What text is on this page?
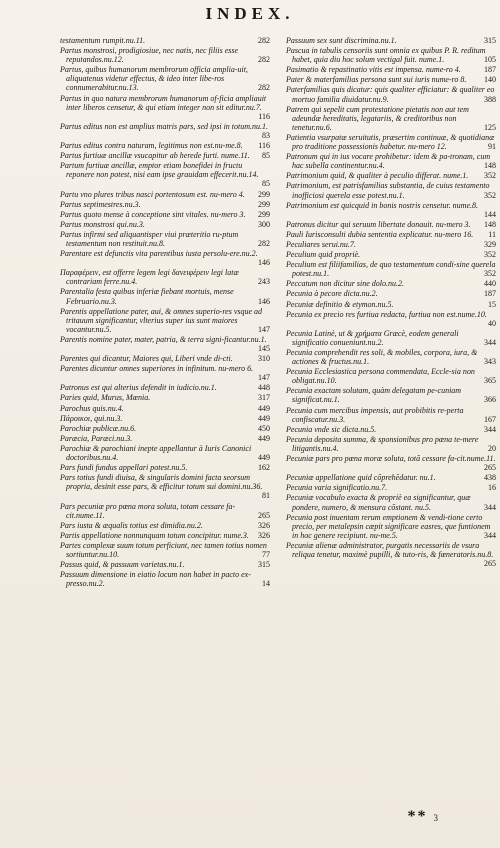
INDEX.
testamentum rumpit.nu.11.	282
Partus monstrosi, prodigiosiue, nec natis, nec filiis esse reputandos.nu.12.	282
Partus, quibus humanorum membrorum officia amplia-uit, aliquatenus videtur effectus, & ideo inter libe-ros connumerabitur.nu.13.	282
Partus in quo natura membrorum humanorum of-ficia ampliauit inter liberos censetur, & qui etiam integer non sit editur.nu.7.
116
Partus editus non est amplius matris pars, sed ipsi in totum.nu.1.
83
Partus editus contra naturam, legitimus non est.nu-me.8. 116
Partus furtiuæ ancillæ vsucapitur ab herede furti. nume.11. 85
Partum furtiuæ ancillæ, emptor etiam bonefidei in fructu reponere non potest, nisi eam ipse grauidam effecerit.nu.14.
85
Partu vno plures tribus nasci portentosum est. nu-mero 4. 299
Partus septimestres.nu.3.	299
Partus quoto mense à conceptione sint vitales. nu-mero 3. 299
Partus monstrosi qui.nu.3.	300
Partus infirmi sed aliquantisper viui præteritio ru-ptum testamentum non restituit.nu.8.	282
Parentare est defunctis vita parentibus iusta persolu-ere.nu.2.
146
Παραφέρειν, est offerre legem legi δανειφέρειν legi latæ contrariam ferre.nu.4.	243
Parentalia festa quibus inferiæ fiebant mortuis, mense Februario.nu.3.	146
Parentis appellatione pater, aui, & omnes superio-res vsque ad tritauum significantur, vlterius super ius sunt maiores vocantur.nu.5.	147
Parentis nomine pater, mater, patria, & terra signi-ficantur.nu.1.
145
Parentes qui dicantur, Maiores qui, Liberi vnde di-cti.	310
Parentes dicuntur omnes superiores in infinitum. nu-mero 6.
147
Patronus est qui alterius defendit in iudicio.nu.1.	448
Paries quid, Murus, Mœnia.	317
Parochus quis.nu.4.	449
Πάροικοι, qui.nu.3.	449
Parochiæ publicæ.nu.6.	450
Paræcia, Paræci.nu.3.	449
Parochiæ & parochiani inepte appellantur à Iuris Canonici doctoribus.nu.4.	449
Pars fundi fundus appellari potest.nu.5.	162
Pars totius fundi diuisa, & singularis domini facta seorsum propria, desinit esse pars, & efficitur totum sui domini.nu.36.
81
Pars pecuniæ pro pœna mora soluta, totam cessare fa-cit.nume.11.	265
Pars iusta & æqualis totius est dimidia.nu.2.	326
Partis appellatione nonnunquam totum concipitur. nume.3. 326
Partes complexæ suum totum perficiunt, nec tamen totius nomen sortiuntur.nu.10.	77
Passus quid, & passuum varietas.nu.1.	315
Passuum dimensione in eiatio locum non habet in pacto ex-presso.nu.2.	14
Passuum sex sunt discrimina.nu.1.	315
Pascua in tabulis censoriis sunt omnia ex quibus P. R. reditum habet, quia diu hoc solum vectigal fuit. nume.1.	105
Pasimatio & repastinatio vitis est impensa. nume-ro 4.	187
Pater & materfamilias persona sunt sui iuris nume-ro 8. 140
Paterfamilias quis dicatur: quis qualiter efficiatur: & qualiter eo mortuo familia diuidatur.nu.9.	388
Patrem qui sepelit cum protestatione pietatis non aut tem adeundæ hereditatis, legatariis, & creditoribus non tenetur.nu.6.	125
Patientia vsurpatæ seruitutis, præsertim continuæ, & quotidianæ pro traditione possessionis habetur. nu-mero 12.	91
Patronum qui in ius vocare prohibetur: idem & pa-tronam, cum hac subella continentur.nu.4.	148
Patrimonium quid, & qualiter à peculio differat. nume.1. 352
Patrimonium, est patrisfamilias substantia, de cuius testamento inofficiosi querela esse potest.nu.1.	352
Patrimonium est quicquid in bonis nostris censetur. nume.8.
144
Patronus dicitur qui seruum libertate donauit. nu-mero 3. 148
Pauli Iurisconsulti dubia sententia explicatur. nu-mero 16. 11
Peculiares serui.nu.7.	329
Peculium quid propriè.	352
Peculium est filiifamilias, de quo testamentum condi-sine querela potest.nu.1.	352
Peccatum non dicitur sine dolo.nu.2.	440
Pecunia à pecore dicta.nu.2.	187
Pecuniæ definitio & etymon.nu.5.	15
Pecunia ex precio res furtiua redacta, furtiua non est.nume.10.
40
Pecunia Latinè, ut & χρήματα Græcè, eodem generali significatio conueniunt.nu.2.	344
Pecunia comprehendit res soli, & mobiles, corpora, iura, & actiones & fructus.nu.1.	343
Pecunia Ecclesiastica persona commendata, Eccle-sia non obligat.nu.10.	365
Pecunia exactam solutam, quàm delegatam pe-cuniam significat.nu.1.	366
Pecunia cum mercibus impensis, aut probibitis re-perta confiscatur.nu.3.	167
Pecunia vnde sic dicta.nu.5.	344
Pecunia deposita summa, & sponsionibus pro pœna te-mere litigantis.nu.4.	20
Pecuniæ pars pro pœna moræ soluta, totã cessare fa-cit.nume.11.
265
Pecuniæ appellatione quid cõprehẽdatur. nu.1.	438
Pecunia varia significatio.nu.7.	16
Pecuniæ vocabulo exacta & propriè ea significantur, quæ pondere, numero, & mensura cõstant. nu.5.	344
Pecunia post inuentam rerum emptionem & vendi-tione certo precio, per metalepsin cœpit significare easres, que funtionem in hoc genere recipiunt. nu-me.5.	344
Pecuniæ alienæ administrator, purgatis necessariis de vsura reliqua tenetur, maximè pupilli, & tuto-ris, & fœneratoris.nu.8.
265
** 3
